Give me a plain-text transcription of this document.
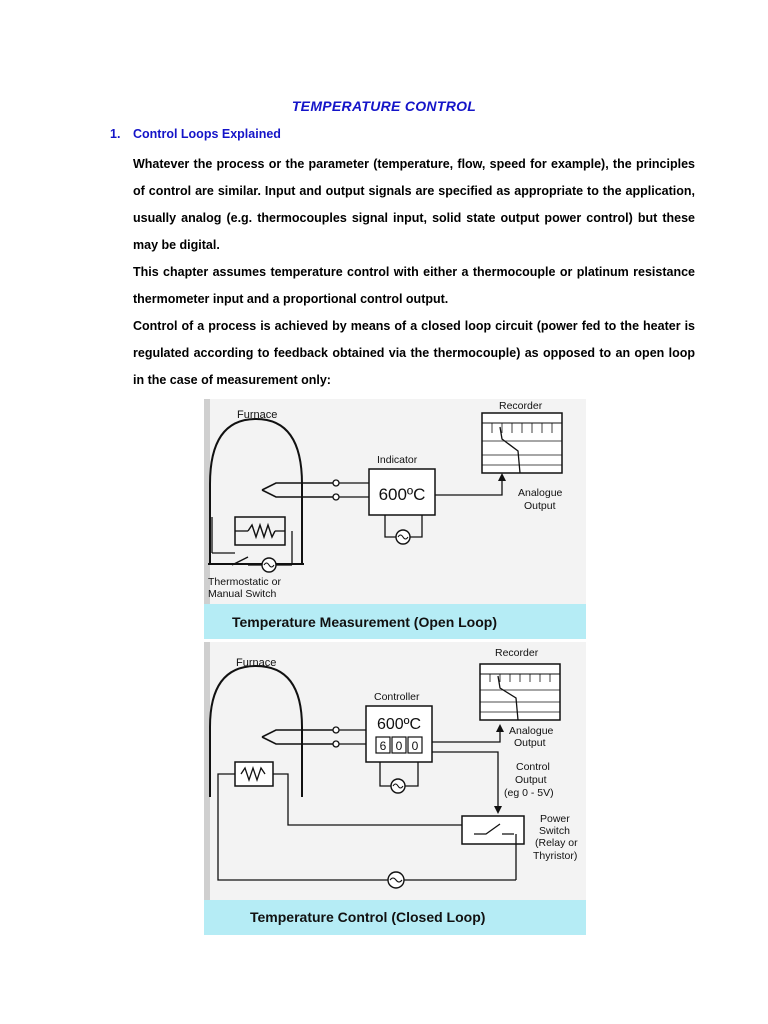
TEMPERATURE CONTROL
1. Control Loops Explained

Whatever the process or the parameter (temperature, flow, speed for example), the principles of control are similar. Input and output signals are specified as appropriate to the application, usually analog (e.g. thermocouples signal input, solid state output power control) but these may be digital.

This chapter assumes temperature control with either a thermocouple or platinum resistance thermometer input and a proportional control output.

Control of a process is achieved by means of a closed loop circuit (power fed to the heater is regulated according to feedback obtained via the thermocouple) as opposed to an open loop in the case of measurement only:

Furnace
Thermostatic or
Manual Switch
Indicator
600ºC
Recorder
Analogue
Output
Temperature Measurement (Open Loop)
Furnace
Controller
600ºC
6 0 0
Recorder
Analogue
Output
Control
Output
(eg 0 - 5V)
Power
Switch
(Relay or
Thyristor)
Temperature Control (Closed Loop)
